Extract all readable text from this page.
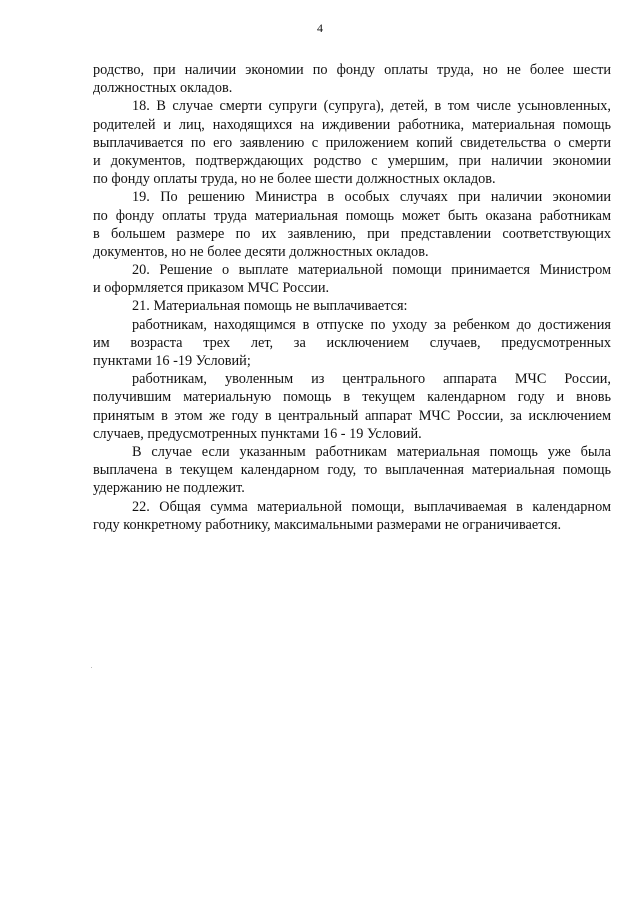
4
родство, при наличии экономии по фонду оплаты труда, но не более шести
должностных окладов.
18. В случае смерти супруги (супруга), детей, в том числе усыновленных,
родителей и лиц, находящихся на иждивении работника, материальная помощь
выплачивается по его заявлению с приложением копий свидетельства о смерти
и документов, подтверждающих родство с умершим, при наличии экономии
по фонду оплаты труда, но не более шести должностных окладов.
19. По решению Министра в особых случаях при наличии экономии
по фонду оплаты труда материальная помощь может быть оказана работникам
в большем размере по их заявлению, при представлении соответствующих
документов, но не более десяти должностных окладов.
20. Решение о выплате материальной помощи принимается Министром
и оформляется приказом МЧС России.
21. Материальная помощь не выплачивается:
работникам, находящимся в отпуске по уходу за ребенком до достижения
им возраста трех лет, за исключением случаев, предусмотренных
пунктами 16 -19 Условий;
работникам, уволенным из центрального аппарата МЧС России,
получившим материальную помощь в текущем календарном году и вновь
принятым в этом же году в центральный аппарат МЧС России, за исключением
случаев, предусмотренных пунктами 16 - 19 Условий.
В случае если указанным работникам материальная помощь уже была
выплачена в текущем календарном году, то выплаченная материальная помощь
удержанию не подлежит.
22. Общая сумма материальной помощи, выплачиваемая в календарном
году конкретному работнику, максимальными размерами не ограничивается.
